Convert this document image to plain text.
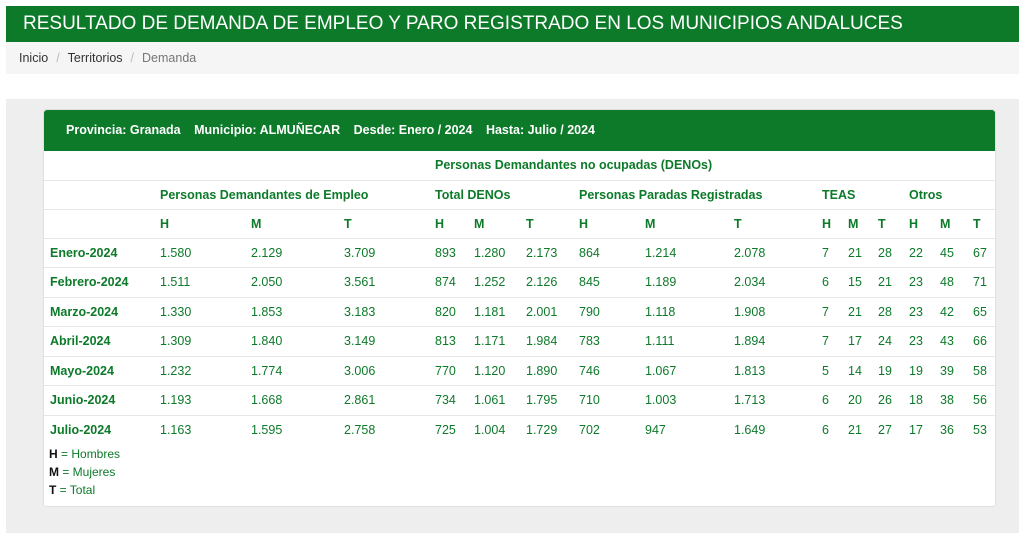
RESULTADO DE DEMANDA DE EMPLEO Y PARO REGISTRADO EN LOS MUNICIPIOS ANDALUCES
Inicio / Territorios / Demanda
Provincia: Granada Municipio: ALMUÑECAR Desde: Enero / 2024 Hasta: Julio / 2024
				Personas Demandantes no ocupadas (DENOs)											
	Personas Demandantes de Empleo			Total DENOs			Personas Paradas Registradas			TEAS			Otros		
	H	M	T	H	M	T	H	M	T	H	M	T	H	M	T
Enero-2024	1.580	2.129	3.709	893	1.280	2.173	864	1.214	2.078	7	21	28	22	45	67
Febrero-2024	1.511	2.050	3.561	874	1.252	2.126	845	1.189	2.034	6	15	21	23	48	71
Marzo-2024	1.330	1.853	3.183	820	1.181	2.001	790	1.118	1.908	7	21	28	23	42	65
Abril-2024	1.309	1.840	3.149	813	1.171	1.984	783	1.111	1.894	7	17	24	23	43	66
Mayo-2024	1.232	1.774	3.006	770	1.120	1.890	746	1.067	1.813	5	14	19	19	39	58
Junio-2024	1.193	1.668	2.861	734	1.061	1.795	710	1.003	1.713	6	20	26	18	38	56
Julio-2024	1.163	1.595	2.758	725	1.004	1.729	702	947	1.649	6	21	27	17	36	53
H = Hombres
M = Mujeres
T = Total
